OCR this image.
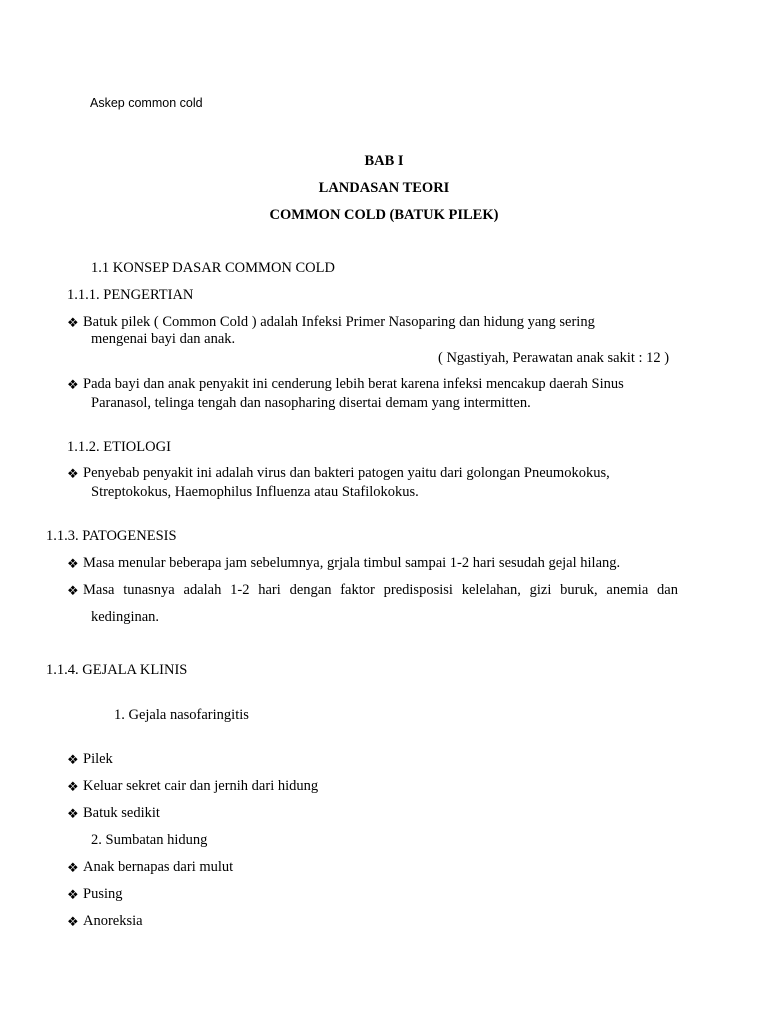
Askep common cold
BAB I
LANDASAN TEORI
COMMON COLD (BATUK PILEK)
1.1 KONSEP DASAR COMMON COLD
1.1.1. PENGERTIAN
❖ Batuk pilek ( Common Cold ) adalah Infeksi Primer Nasoparing dan hidung yang sering
mengenai bayi dan anak.
( Ngastiyah, Perawatan anak sakit : 12 )
❖ Pada bayi dan anak penyakit ini cenderung lebih berat karena infeksi mencakup daerah Sinus
Paranasol, telinga tengah dan nasopharing disertai demam yang intermitten.
1.1.2. ETIOLOGI
❖ Penyebab penyakit ini adalah virus dan bakteri patogen yaitu dari golongan Pneumokokus,
Streptokokus, Haemophilus Influenza atau Stafilokokus.
1.1.3. PATOGENESIS
❖ Masa menular beberapa jam sebelumnya, grjala timbul sampai 1-2 hari sesudah gejal hilang.
❖ Masa tunasnya adalah 1-2 hari dengan faktor predisposisi kelelahan, gizi buruk, anemia dan
kedinginan.
1.1.4. GEJALA KLINIS
1. Gejala nasofaringitis
❖ Pilek
❖ Keluar sekret cair dan jernih dari hidung
❖ Batuk sedikit
2. Sumbatan hidung
❖ Anak bernapas dari mulut
❖ Pusing
❖ Anoreksia
